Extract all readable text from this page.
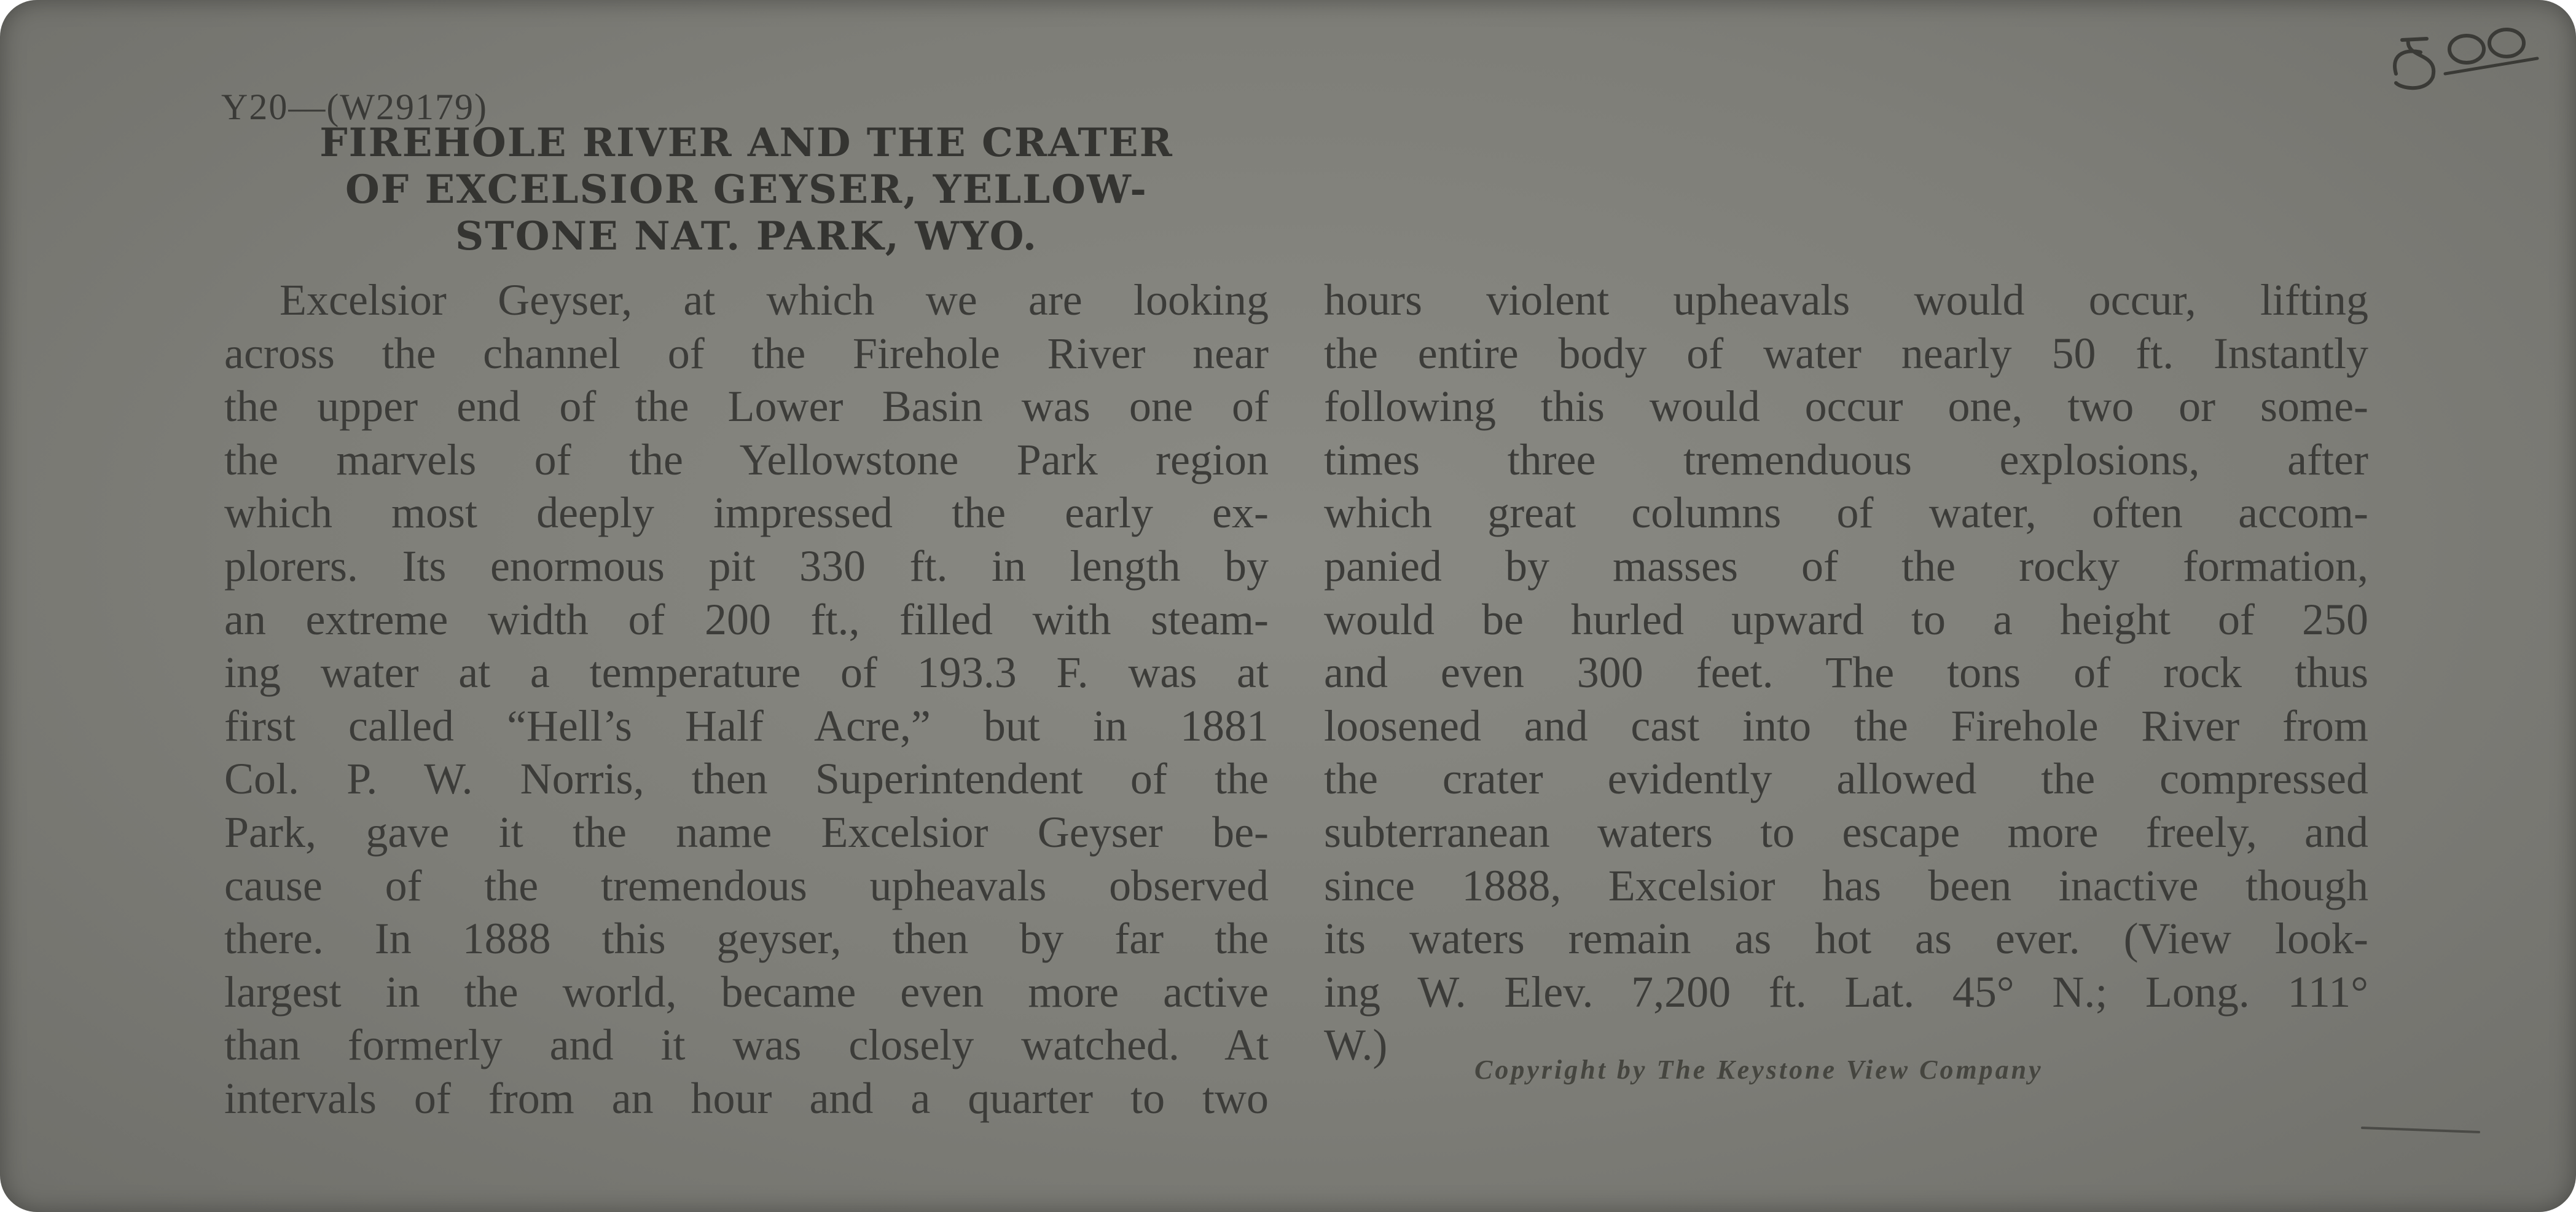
Y20—(W29179)
FIREHOLE RIVER AND THE CRATER
OF EXCELSIOR GEYSER, YELLOW-
STONE NAT. PARK, WYO.
Excelsior Geyser, at which we are looking
across the channel of the Firehole River near
the upper end of the Lower Basin was one of
the marvels of the Yellowstone Park region
which most deeply impressed the early ex-
plorers. Its enormous pit 330 ft. in length by
an extreme width of 200 ft., filled with steam-
ing water at a temperature of 193.3 F. was at
first called “Hell’s Half Acre,” but in 1881
Col. P. W. Norris, then Superintendent of the
Park, gave it the name Excelsior Geyser be-
cause of the tremendous upheavals observed
there. In 1888 this geyser, then by far the
largest in the world, became even more active
than formerly and it was closely watched. At
intervals of from an hour and a quarter to two
hours violent upheavals would occur, lifting
the entire body of water nearly 50 ft. Instantly
following this would occur one, two or some-
times three tremenduous explosions, after
which great columns of water, often accom-
panied by masses of the rocky formation,
would be hurled upward to a height of 250
and even 300 feet. The tons of rock thus
loosened and cast into the Firehole River from
the crater evidently allowed the compressed
subterranean waters to escape more freely, and
since 1888, Excelsior has been inactive though
its waters remain as hot as ever. (View look-
ing W. Elev. 7,200 ft. Lat. 45° N.; Long. 111°
W.)
Copyright by The Keystone View Company
